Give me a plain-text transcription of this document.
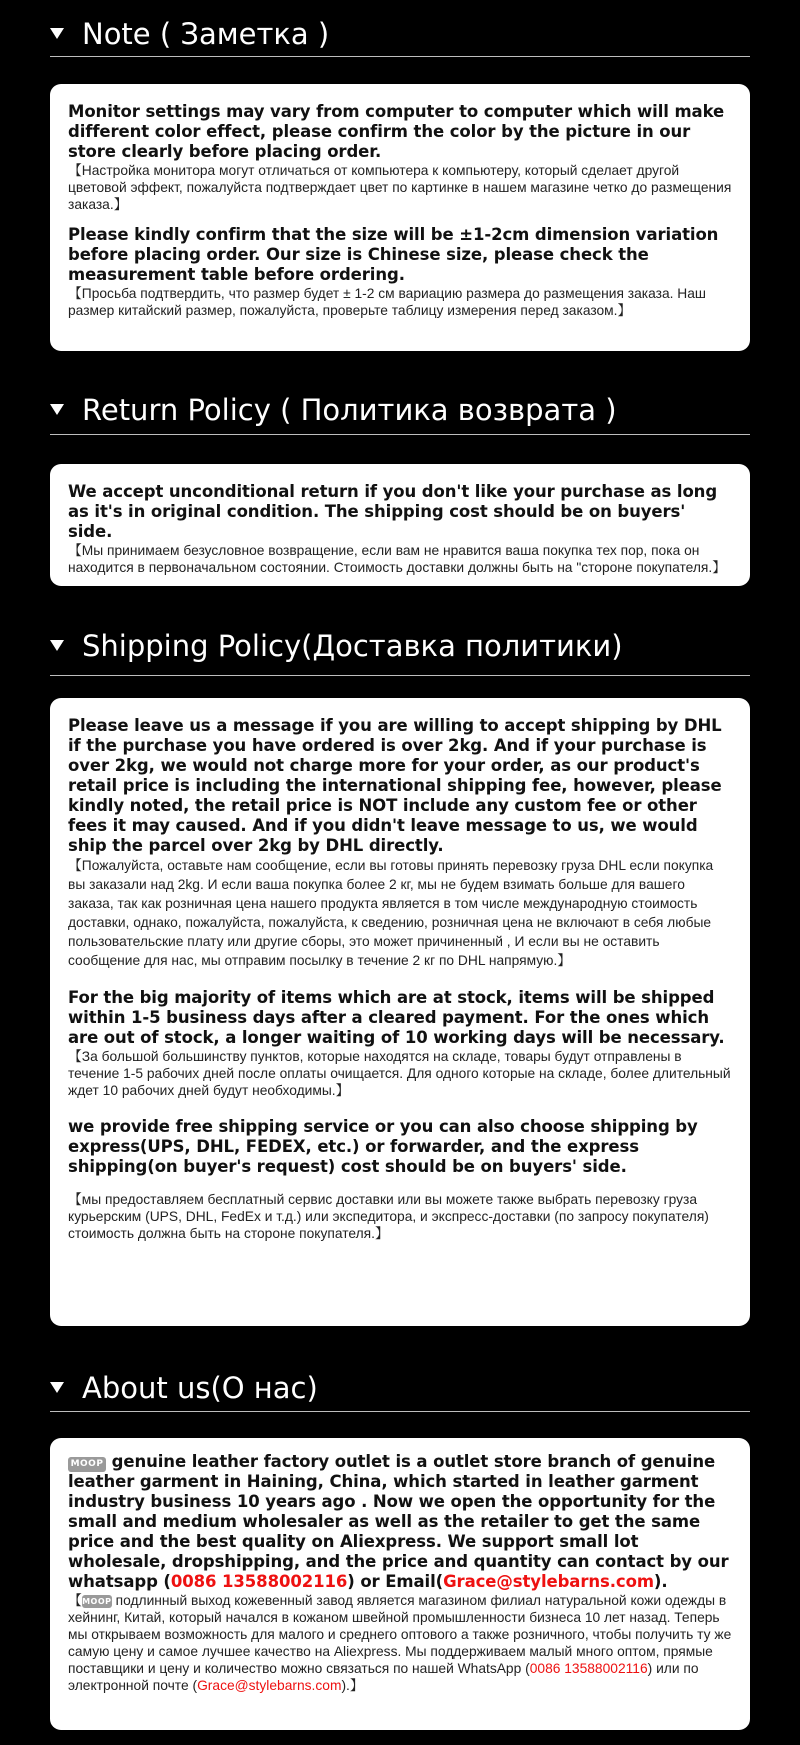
Note ( Заметка )

Monitor settings may vary from computer to computer which will make different color effect, please confirm the color by the picture in our store clearly before placing order.

【Настройка монитора могут отличаться от компьютера к компьютеру, который сделает другой цветовой эффект, пожалуйста подтверждает цвет по картинке в нашем магазине четко до размещения заказа.】

Please kindly confirm that the size will be ±1-2cm dimension variation before placing order. Our size is Chinese size, please check the measurement table before ordering.

【Просьба подтвердить, что размер будет ± 1-2 см вариацию размера до размещения заказа. Наш размер китайский размер, пожалуйста, проверьте таблицу измерения перед заказом.】

Return Policy ( Политика возврата )

We accept unconditional return if you don't like your purchase as long as it's in original condition. The shipping cost should be on buyers' side.

【Мы принимаем безусловное возвращение, если вам не нравится ваша покупка тех пор, пока он находится в первоначальном состоянии. Стоимость доставки должны быть на "стороне покупателя.】

Shipping Policy(Доставка политики)

Please leave us a message if you are willing to accept shipping by DHL if the purchase you have ordered is over 2kg. And if your purchase is over 2kg, we would not charge more for your order, as our product's retail price is including the international shipping fee, however, please kindly noted, the retail price is NOT include any custom fee or other fees it may caused. And if you didn't leave message to us, we would ship the parcel over 2kg by DHL directly.

【Пожалуйста, оставьте нам сообщение, если вы готовы принять перевозку груза DHL если покупка вы заказали над 2kg. И если ваша покупка более 2 кг, мы не будем взимать больше для вашего заказа, так как розничная цена нашего продукта является в том числе международную стоимость доставки, однако, пожалуйста, пожалуйста, к сведению, розничная цена не включают в себя любые пользовательские плату или другие сборы, это может причиненный , И если вы не оставить сообщение для нас, мы отправим посылку в течение 2 кг по DHL напрямую.】

For the big majority of items which are at stock, items will be shipped within 1-5 business days after a cleared payment. For the ones which are out of stock, a longer waiting of 10 working days will be necessary.

【За большой большинству пунктов, которые находятся на складе, товары будут отправлены в течение 1-5 рабочих дней после оплаты очищается. Для одного которые на складе, более длительный ждет 10 рабочих дней будут необходимы.】

we provide free shipping service or you can also choose shipping by express(UPS, DHL, FEDEX, etc.) or forwarder, and the express shipping(on buyer's request) cost should be on buyers' side.

【мы предоставляем бесплатный сервис доставки или вы можете также выбрать перевозку груза курьерским (UPS, DHL, FedEx и т.д.) или экспедитора, и экспресс-доставки (по запросу покупателя) стоимость должна быть на стороне покупателя.】

About us(О нас)

MOOP genuine leather factory outlet is a outlet store branch of genuine leather garment in Haining, China, which started in leather garment industry business 10 years ago . Now we open the opportunity for the small and medium wholesaler as well as the retailer to get the same price and the best quality on Aliexpress. We support small lot wholesale, dropshipping, and the price and quantity can contact by our whatsapp (0086 13588002116) or Email(Grace@stylebarns.com).

【MOOP подлинный выход кожевенный завод является магазином филиал натуральной кожи одежды в хейнинг, Китай, который начался в кожаном швейной промышленности бизнеса 10 лет назад. Теперь мы открываем возможность для малого и среднего оптового а также розничного, чтобы получить ту же самую цену и самое лучшее качество на Aliexpress. Мы поддерживаем малый много оптом, прямые поставщики и цену и количество можно связаться по нашей WhatsApp (0086 13588002116) или по электронной почте (Grace@stylebarns.com).】
